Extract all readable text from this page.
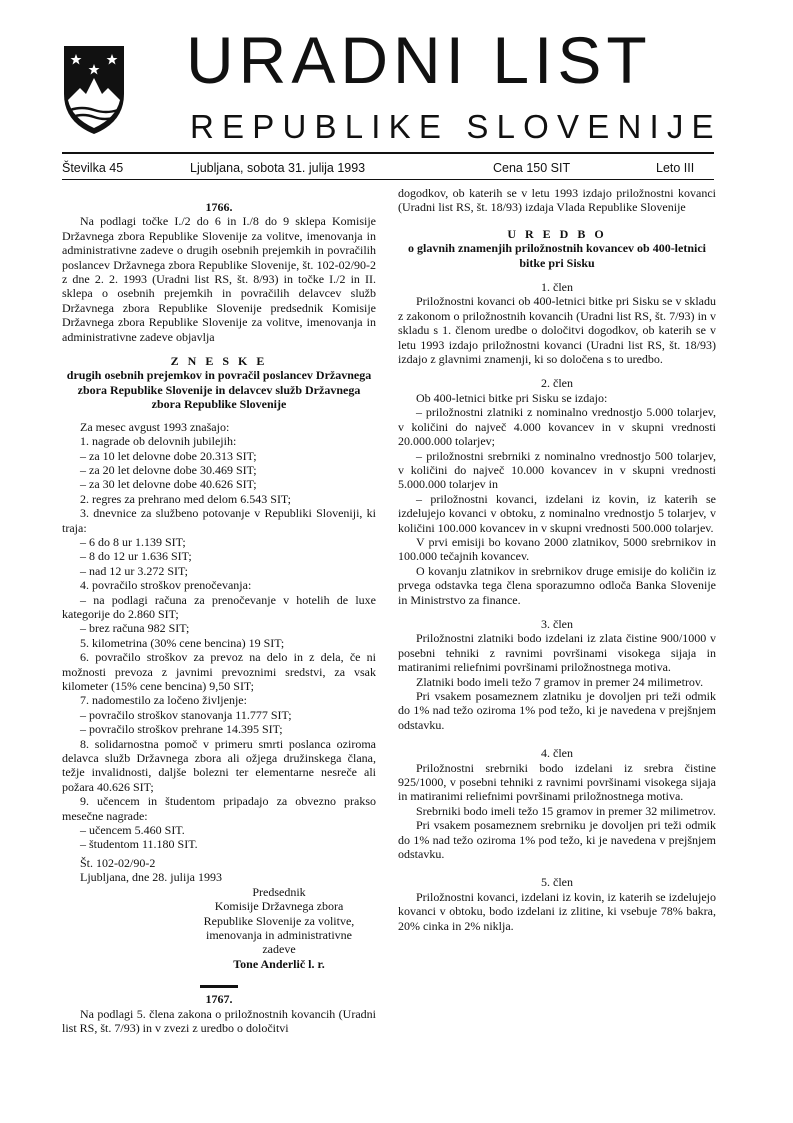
URADNI LIST
REPUBLIKE SLOVENIJE
Številka 45	Ljubljana, sobota 31. julija 1993	Cena 150 SIT	Leto III
1766.

Na podlagi točke I./2 do 6 in I./8 do 9 sklepa Komisije Državnega zbora Republike Slovenije za volitve, imenovanja in administrativne zadeve o drugih osebnih prejemkih in povračilih poslancev Državnega zbora Republike Slovenije, št. 102-02/90-2 z dne 2. 2. 1993 (Uradni list RS, št. 8/93) in točke I./2 in II. sklepa o osebnih prejemkih in povračilih delavcev služb Državnega zbora Republike Slovenije predsednik Komisije Državnega zbora Republike Slovenije za volitve, imenovanja in administrativne zadeve objavlja

Z N E S K E
drugih osebnih prejemkov in povračil poslancev Državnega zbora Republike Slovenije in delavcev služb Državnega zbora Republike Slovenije

Za mesec avgust 1993 znašajo:

1. nagrade ob delovnih jubilejih:

– za 10 let delovne dobe 20.313 SIT;

– za 20 let delovne dobe 30.469 SIT;

– za 30 let delovne dobe 40.626 SIT;

2. regres za prehrano med delom 6.543 SIT;

3. dnevnice za službeno potovanje v Republiki Sloveniji, ki traja:

– 6 do 8 ur 1.139 SIT;

– 8 do 12 ur 1.636 SIT;

– nad 12 ur 3.272 SIT;

4. povračilo stroškov prenočevanja:

– na podlagi računa za prenočevanje v hotelih de luxe kategorije do 2.860 SIT;

– brez računa 982 SIT;

5. kilometrina (30% cene bencina) 19 SIT;

6. povračilo stroškov za prevoz na delo in z dela, če ni možnosti prevoza z javnimi prevoznimi sredstvi, za vsak kilometer (15% cene bencina) 9,50 SIT;

7. nadomestilo za ločeno življenje:

– povračilo stroškov stanovanja 11.777 SIT;

– povračilo stroškov prehrane 14.395 SIT;

8. solidarnostna pomoč v primeru smrti poslanca oziroma delavca služb Državnega zbora ali ožjega družinskega člana, težje invalidnosti, daljše bolezni ter elementarne nesreče ali požara 40.626 SIT;

9. učencem in študentom pripadajo za obvezno prakso mesečne nagrade:

– učencem 5.460 SIT.

– študentom 11.180 SIT.

Št. 102-02/90-2

Ljubljana, dne 28. julija 1993

Predsednik
Komisije Državnega zbora
Republike Slovenije za volitve,
imenovanja in administrativne
zadeve
Tone Anderlič l. r.
1767.

Na podlagi 5. člena zakona o priložnostnih kovancih (Uradni list RS, št. 7/93) in v zvezi z uredbo o določitvi

dogodkov, ob katerih se v letu 1993 izdajo priložnostni kovanci (Uradni list RS, št. 18/93) izdaja Vlada Republike Slovenije

U R E D B O
o glavnih znamenjih priložnostnih kovancev ob 400-letnici bitke pri Sisku
1. člen

Priložnostni kovanci ob 400-letnici bitke pri Sisku se v skladu z zakonom o priložnostnih kovancih (Uradni list RS, št. 7/93) in v skladu s 1. členom uredbe o določitvi dogodkov, ob katerih se v letu 1993 izdajo priložnostni kovanci (Uradni list RS, št. 18/93) izdajo z glavnimi znamenji, ki so določena s to uredbo.

2. člen

Ob 400-letnici bitke pri Sisku se izdajo:

– priložnostni zlatniki z nominalno vrednostjo 5.000 tolarjev, v količini do največ 4.000 kovancev in v skupni vrednosti 20.000.000 tolarjev;

– priložnostni srebrniki z nominalno vrednostjo 500 tolarjev, v količini do največ 10.000 kovancev in v skupni vrednosti 5.000.000 tolarjev in

– priložnostni kovanci, izdelani iz kovin, iz katerih se izdelujejo kovanci v obtoku, z nominalno vrednostjo 5 tolarjev, v količini 100.000 kovancev in v skupni vrednosti 500.000 tolarjev.

V prvi emisiji bo kovano 2000 zlatnikov, 5000 srebrnikov in 100.000 tečajnih kovancev.

O kovanju zlatnikov in srebrnikov druge emisije do količin iz prvega odstavka tega člena sporazumno odloča Banka Slovenije in Ministrstvo za finance.

3. člen

Priložnostni zlatniki bodo izdelani iz zlata čistine 900/1000 v posebni tehniki z ravnimi površinami visokega sijaja in matiranimi reliefnimi površinami priložnostnega motiva.

Zlatniki bodo imeli težo 7 gramov in premer 24 milimetrov.

Pri vsakem posameznem zlatniku je dovoljen pri teži odmik do 1% nad težo oziroma 1% pod težo, ki je navedena v prejšnjem odstavku.

4. člen

Priložnostni srebrniki bodo izdelani iz srebra čistine 925/1000, v posebni tehniki z ravnimi površinami visokega sijaja in matiranimi reliefnimi površinami priložnostnega motiva.

Srebrniki bodo imeli težo 15 gramov in premer 32 milimetrov.

Pri vsakem posameznem srebrniku je dovoljen pri teži odmik do 1% nad težo oziroma 1% pod težo, ki je navedena v prejšnjem odstavku.

5. člen

Priložnostni kovanci, izdelani iz kovin, iz katerih se izdelujejo kovanci v obtoku, bodo izdelani iz zlitine, ki vsebuje 78% bakra, 20% cinka in 2% niklja.
